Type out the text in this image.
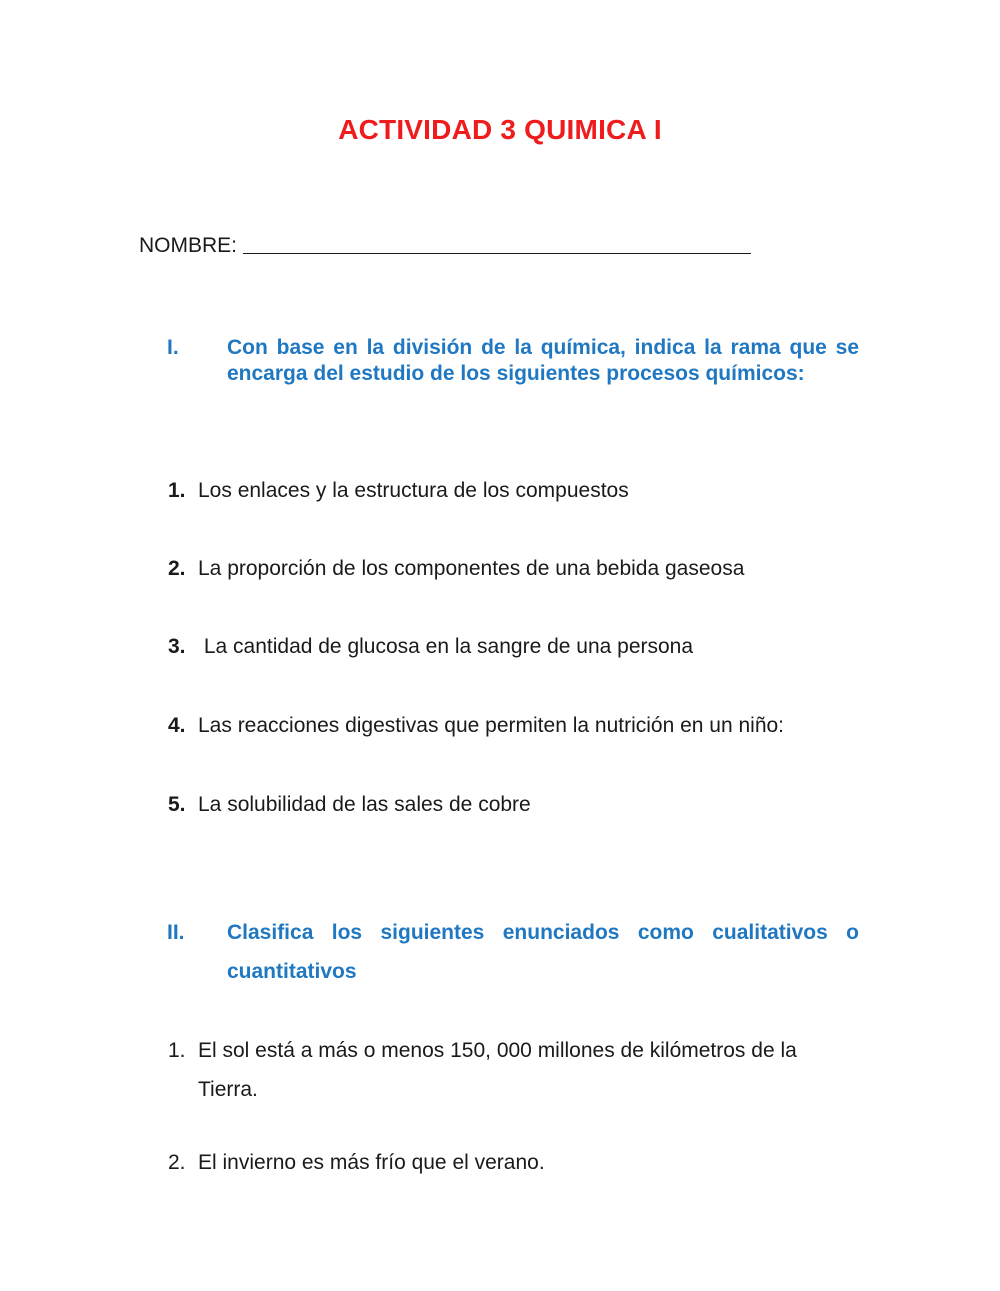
ACTIVIDAD 3 QUIMICA I
NOMBRE:
I. Con base en la división de la química, indica la rama que se encarga del estudio de los siguientes procesos químicos:
1. Los enlaces y la estructura de los compuestos
2. La proporción de los componentes de una bebida gaseosa
3. La cantidad de glucosa en la sangre de una persona
4. Las reacciones digestivas que permiten la nutrición en un niño:
5. La solubilidad de las sales de cobre
II. Clasifica los siguientes enunciados como cualitativos o cuantitativos
1. El sol está a más o menos 150, 000 millones de kilómetros de la Tierra.
2. El invierno es más frío que el verano.
